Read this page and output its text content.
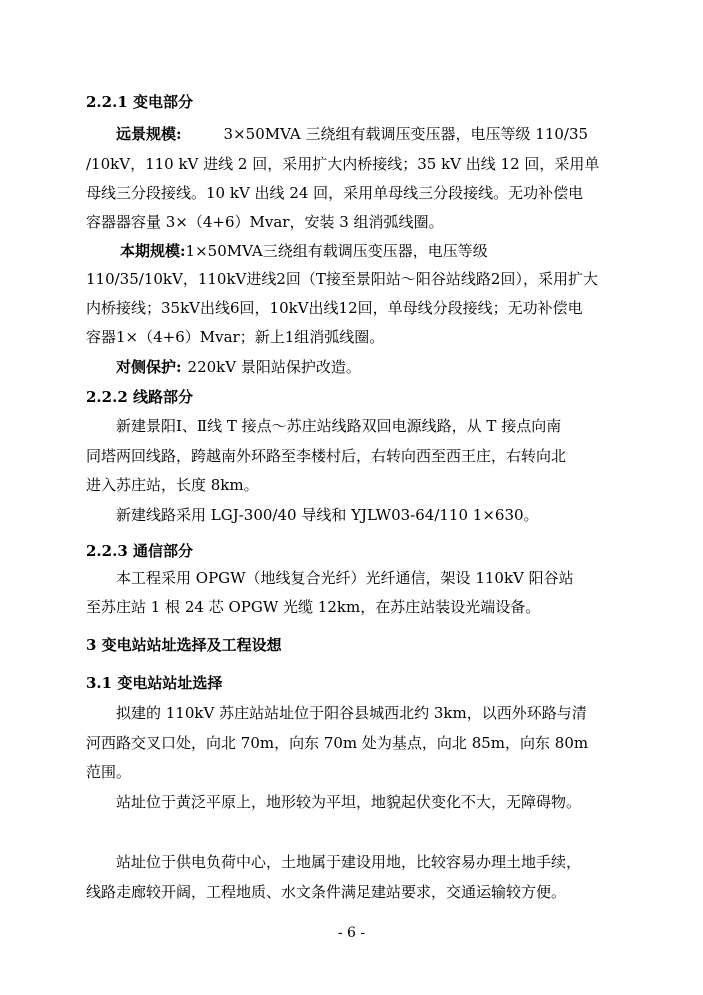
2.2.1 变电部分
远景规模:	3×50MVA 三绕组有载调压变压器，电压等级 110/35
/10kV，110 kV 进线 2 回，采用扩大内桥接线；35 kV 出线 12 回，采用单
母线三分段接线。10 kV 出线 24 回，采用单母线三分段接线。无功补偿电
容器器容量 3×（4+6）Mvar，安装 3 组消弧线圈。
本期规模:1×50MVA三绕组有载调压变压器，电压等级
110/35/10kV，110kV进线2回（T接至景阳站～阳谷站线路2回），采用扩大
内桥接线；35kV出线6回，10kV出线12回，单母线分段接线；无功补偿电
容器1×（4+6）Mvar；新上1组消弧线圈。
对侧保护: 220kV 景阳站保护改造。
2.2.2 线路部分
新建景阳Ⅰ、Ⅱ线 T 接点～苏庄站线路双回电源线路，从 T 接点向南
同塔两回线路，跨越南外环路至李楼村后，右转向西至西王庄，右转向北
进入苏庄站，长度 8km。
新建线路采用 LGJ-300/40 导线和 YJLW03-64/110 1×630。
2.2.3 通信部分
本工程采用 OPGW（地线复合光纤）光纤通信，架设 110kV 阳谷站
至苏庄站 1 根 24 芯 OPGW 光缆 12km，在苏庄站装设光端设备。
3 变电站站址选择及工程设想
3.1 变电站站址选择
拟建的 110kV 苏庄站站址位于阳谷县城西北约 3km，以西外环路与清
河西路交叉口处，向北 70m，向东 70m 处为基点，向北 85m，向东 80m
范围。
站址位于黄泛平原上，地形较为平坦，地貌起伏变化不大，无障碍物。
站址位于供电负荷中心，土地属于建设用地，比较容易办理土地手续，
线路走廊较开阔，工程地质、水文条件满足建站要求，交通运输较方便。
- 6 -
